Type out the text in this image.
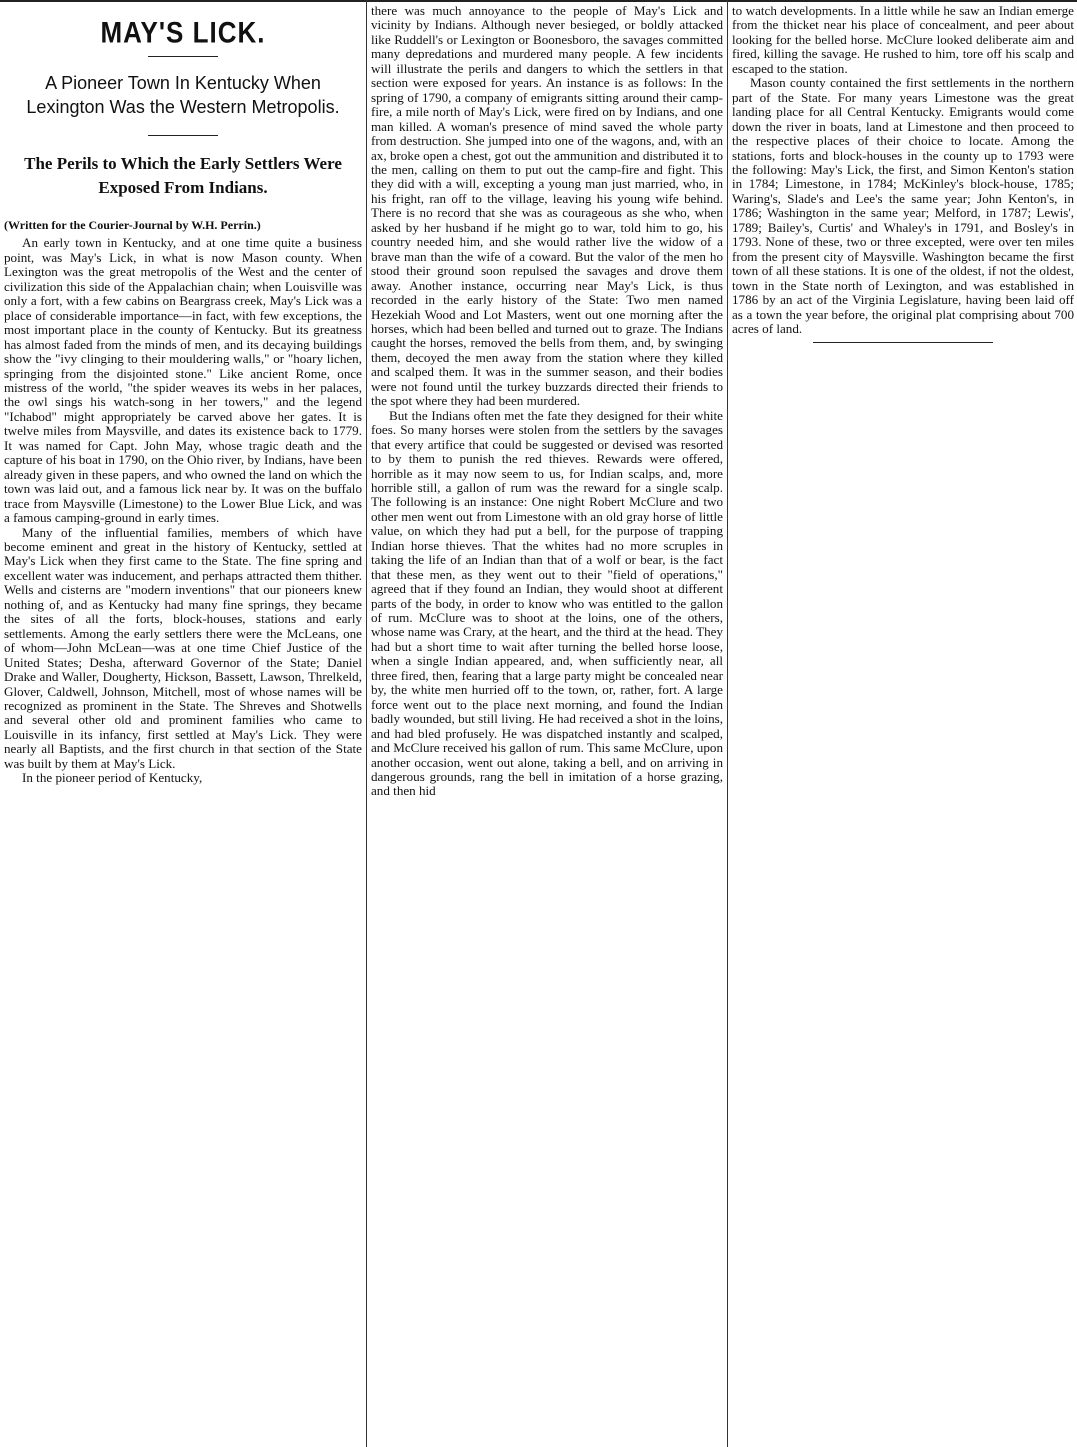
MAY'S LICK.
A Pioneer Town In Kentucky When Lexington Was the Western Metropolis.
The Perils to Which the Early Settlers Were Exposed From Indians.
(Written for the Courier-Journal by W.H. Perrin.)

An early town in Kentucky, and at one time quite a business point, was May's Lick, in what is now Mason county. When Lexington was the great metropolis of the West and the center of civilization this side of the Appalachian chain; when Louisville was only a fort, with a few cabins on Beargrass creek, May's Lick was a place of considerable importance—in fact, with few exceptions, the most important place in the county of Kentucky. But its greatness has almost faded from the minds of men, and its decaying buildings show the "ivy clinging to their mouldering walls," or "hoary lichen, springing from the disjointed stone." Like ancient Rome, once mistress of the world, "the spider weaves its webs in her palaces, the owl sings his watch-song in her towers," and the legend "Ichabod" might appropriately be carved above her gates. It is twelve miles from Maysville, and dates its existence back to 1779. It was named for Capt. John May, whose tragic death and the capture of his boat in 1790, on the Ohio river, by Indians, have been already given in these papers, and who owned the land on which the town was laid out, and a famous lick near by. It was on the buffalo trace from Maysville (Limestone) to the Lower Blue Lick, and was a famous camping-ground in early times.

Many of the influential families, members of which have become eminent and great in the history of Kentucky, settled at May's Lick when they first came to the State. The fine spring and excellent water was inducement, and perhaps attracted them thither. Wells and cisterns are "modern inventions" that our pioneers knew nothing of, and as Kentucky had many fine springs, they became the sites of all the forts, block-houses, stations and early settlements. Among the early settlers there were the McLeans, one of whom—John McLean—was at one time Chief Justice of the United States; Desha, afterward Governor of the State; Daniel Drake and Waller, Dougherty, Hickson, Bassett, Lawson, Threlkeld, Glover, Caldwell, Johnson, Mitchell, most of whose names will be recognized as prominent in the State. The Shreves and Shotwells and several other old and prominent families who came to Louisville in its infancy, first settled at May's Lick. They were nearly all Baptists, and the first church in that section of the State was built by them at May's Lick.

In the pioneer period of Kentucky,

there was much annoyance to the people of May's Lick and vicinity by Indians. Although never besieged, or boldly attacked like Ruddell's or Lexington or Boonesboro, the savages committed many depredations and murdered many people. A few incidents will illustrate the perils and dangers to which the settlers in that section were exposed for years. An instance is as follows: In the spring of 1790, a company of emigrants sitting around their camp-fire, a mile north of May's Lick, were fired on by Indians, and one man killed. A woman's presence of mind saved the whole party from destruction. She jumped into one of the wagons, and, with an ax, broke open a chest, got out the ammunition and distributed it to the men, calling on them to put out the camp-fire and fight. This they did with a will, excepting a young man just married, who, in his fright, ran off to the village, leaving his young wife behind. There is no record that she was as courageous as she who, when asked by her husband if he might go to war, told him to go, his country needed him, and she would rather live the widow of a brave man than the wife of a coward. But the valor of the men ho stood their ground soon repulsed the savages and drove them away. Another instance, occurring near May's Lick, is thus recorded in the early history of the State: Two men named Hezekiah Wood and Lot Masters, went out one morning after the horses, which had been belled and turned out to graze. The Indians caught the horses, removed the bells from them, and, by swinging them, decoyed the men away from the station where they killed and scalped them. It was in the summer season, and their bodies were not found until the turkey buzzards directed their friends to the spot where they had been murdered.

But the Indians often met the fate they designed for their white foes. So many horses were stolen from the settlers by the savages that every artifice that could be suggested or devised was resorted to by them to punish the red thieves. Rewards were offered, horrible as it may now seem to us, for Indian scalps, and, more horrible still, a gallon of rum was the reward for a single scalp. The following is an instance: One night Robert McClure and two other men went out from Limestone with an old gray horse of little value, on which they had put a bell, for the purpose of trapping Indian horse thieves. That the whites had no more scruples in taking the life of an Indian than that of a wolf or bear, is the fact that these men, as they went out to their "field of operations," agreed that if they found an Indian, they would shoot at different parts of the body, in order to know who was entitled to the gallon of rum. McClure was to shoot at the loins, one of the others, whose name was Crary, at the heart, and the third at the head. They had but a short time to wait after turning the belled horse loose, when a single Indian appeared, and, when sufficiently near, all three fired, then, fearing that a large party might be concealed near by, the white men hurried off to the town, or, rather, fort. A large force went out to the place next morning, and found the Indian badly wounded, but still living. He had received a shot in the loins, and had bled profusely. He was dispatched instantly and scalped, and McClure received his gallon of rum. This same McClure, upon another occasion, went out alone, taking a bell, and on arriving in dangerous grounds, rang the bell in imitation of a horse grazing, and then hid

to watch developments. In a little while he saw an Indian emerge from the thicket near his place of concealment, and peer about looking for the belled horse. McClure looked deliberate aim and fired, killing the savage. He rushed to him, tore off his scalp and escaped to the station.

Mason county contained the first settlements in the northern part of the State. For many years Limestone was the great landing place for all Central Kentucky. Emigrants would come down the river in boats, land at Limestone and then proceed to the respective places of their choice to locate. Among the stations, forts and block-houses in the county up to 1793 were the following: May's Lick, the first, and Simon Kenton's station in 1784; Limestone, in 1784; McKinley's block-house, 1785; Waring's, Slade's and Lee's the same year; John Kenton's, in 1786; Washington in the same year; Melford, in 1787; Lewis', 1789; Bailey's, Curtis' and Whaley's in 1791, and Bosley's in 1793. None of these, two or three excepted, were over ten miles from the present city of Maysville. Washington became the first town of all these stations. It is one of the oldest, if not the oldest, town in the State north of Lexington, and was established in 1786 by an act of the Virginia Legislature, having been laid off as a town the year before, the original plat comprising about 700 acres of land.
